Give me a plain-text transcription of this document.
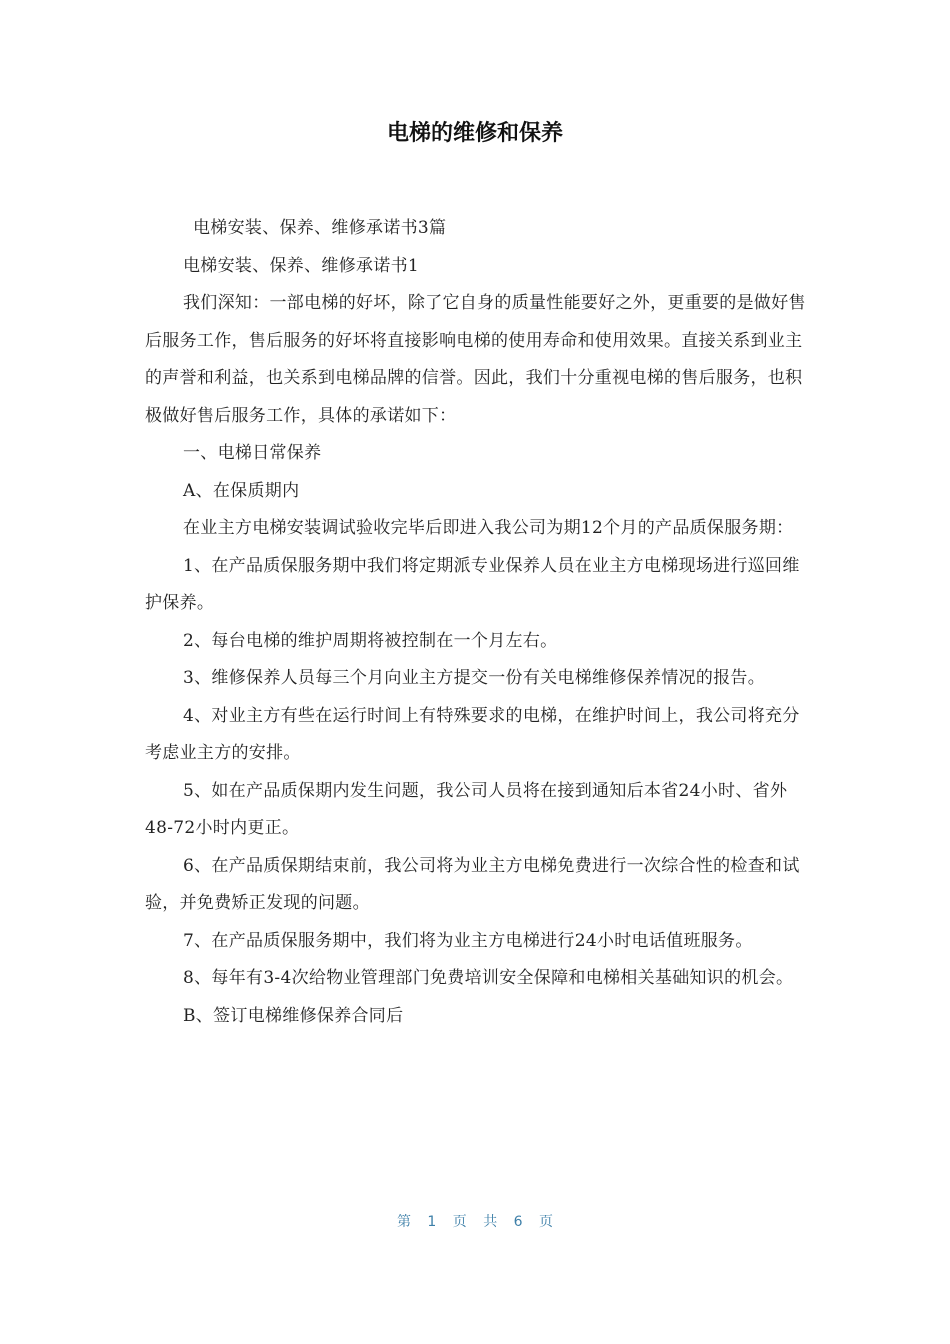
电梯的维修和保养

电梯安装、保养、维修承诺书3篇

电梯安装、保养、维修承诺书1

我们深知：一部电梯的好坏，除了它自身的质量性能要好之外，更重要的是做好售后服务工作，售后服务的好坏将直接影响电梯的使用寿命和使用效果。直接关系到业主的声誉和利益，也关系到电梯品牌的信誉。因此，我们十分重视电梯的售后服务，也积极做好售后服务工作，具体的承诺如下：

一、电梯日常保养

A、在保质期内

在业主方电梯安装调试验收完毕后即进入我公司为期12个月的产品质保服务期：

1、在产品质保服务期中我们将定期派专业保养人员在业主方电梯现场进行巡回维护保养。

2、每台电梯的维护周期将被控制在一个月左右。

3、维修保养人员每三个月向业主方提交一份有关电梯维修保养情况的报告。

4、对业主方有些在运行时间上有特殊要求的电梯，在维护时间上，我公司将充分考虑业主方的安排。

5、如在产品质保期内发生问题，我公司人员将在接到通知后本省24小时、省外48-72小时内更正。

6、在产品质保期结束前，我公司将为业主方电梯免费进行一次综合性的检查和试验，并免费矫正发现的问题。

7、在产品质保服务期中，我们将为业主方电梯进行24小时电话值班服务。

8、每年有3-4次给物业管理部门免费培训安全保障和电梯相关基础知识的机会。

B、签订电梯维修保养合同后

第 1 页 共 6 页
